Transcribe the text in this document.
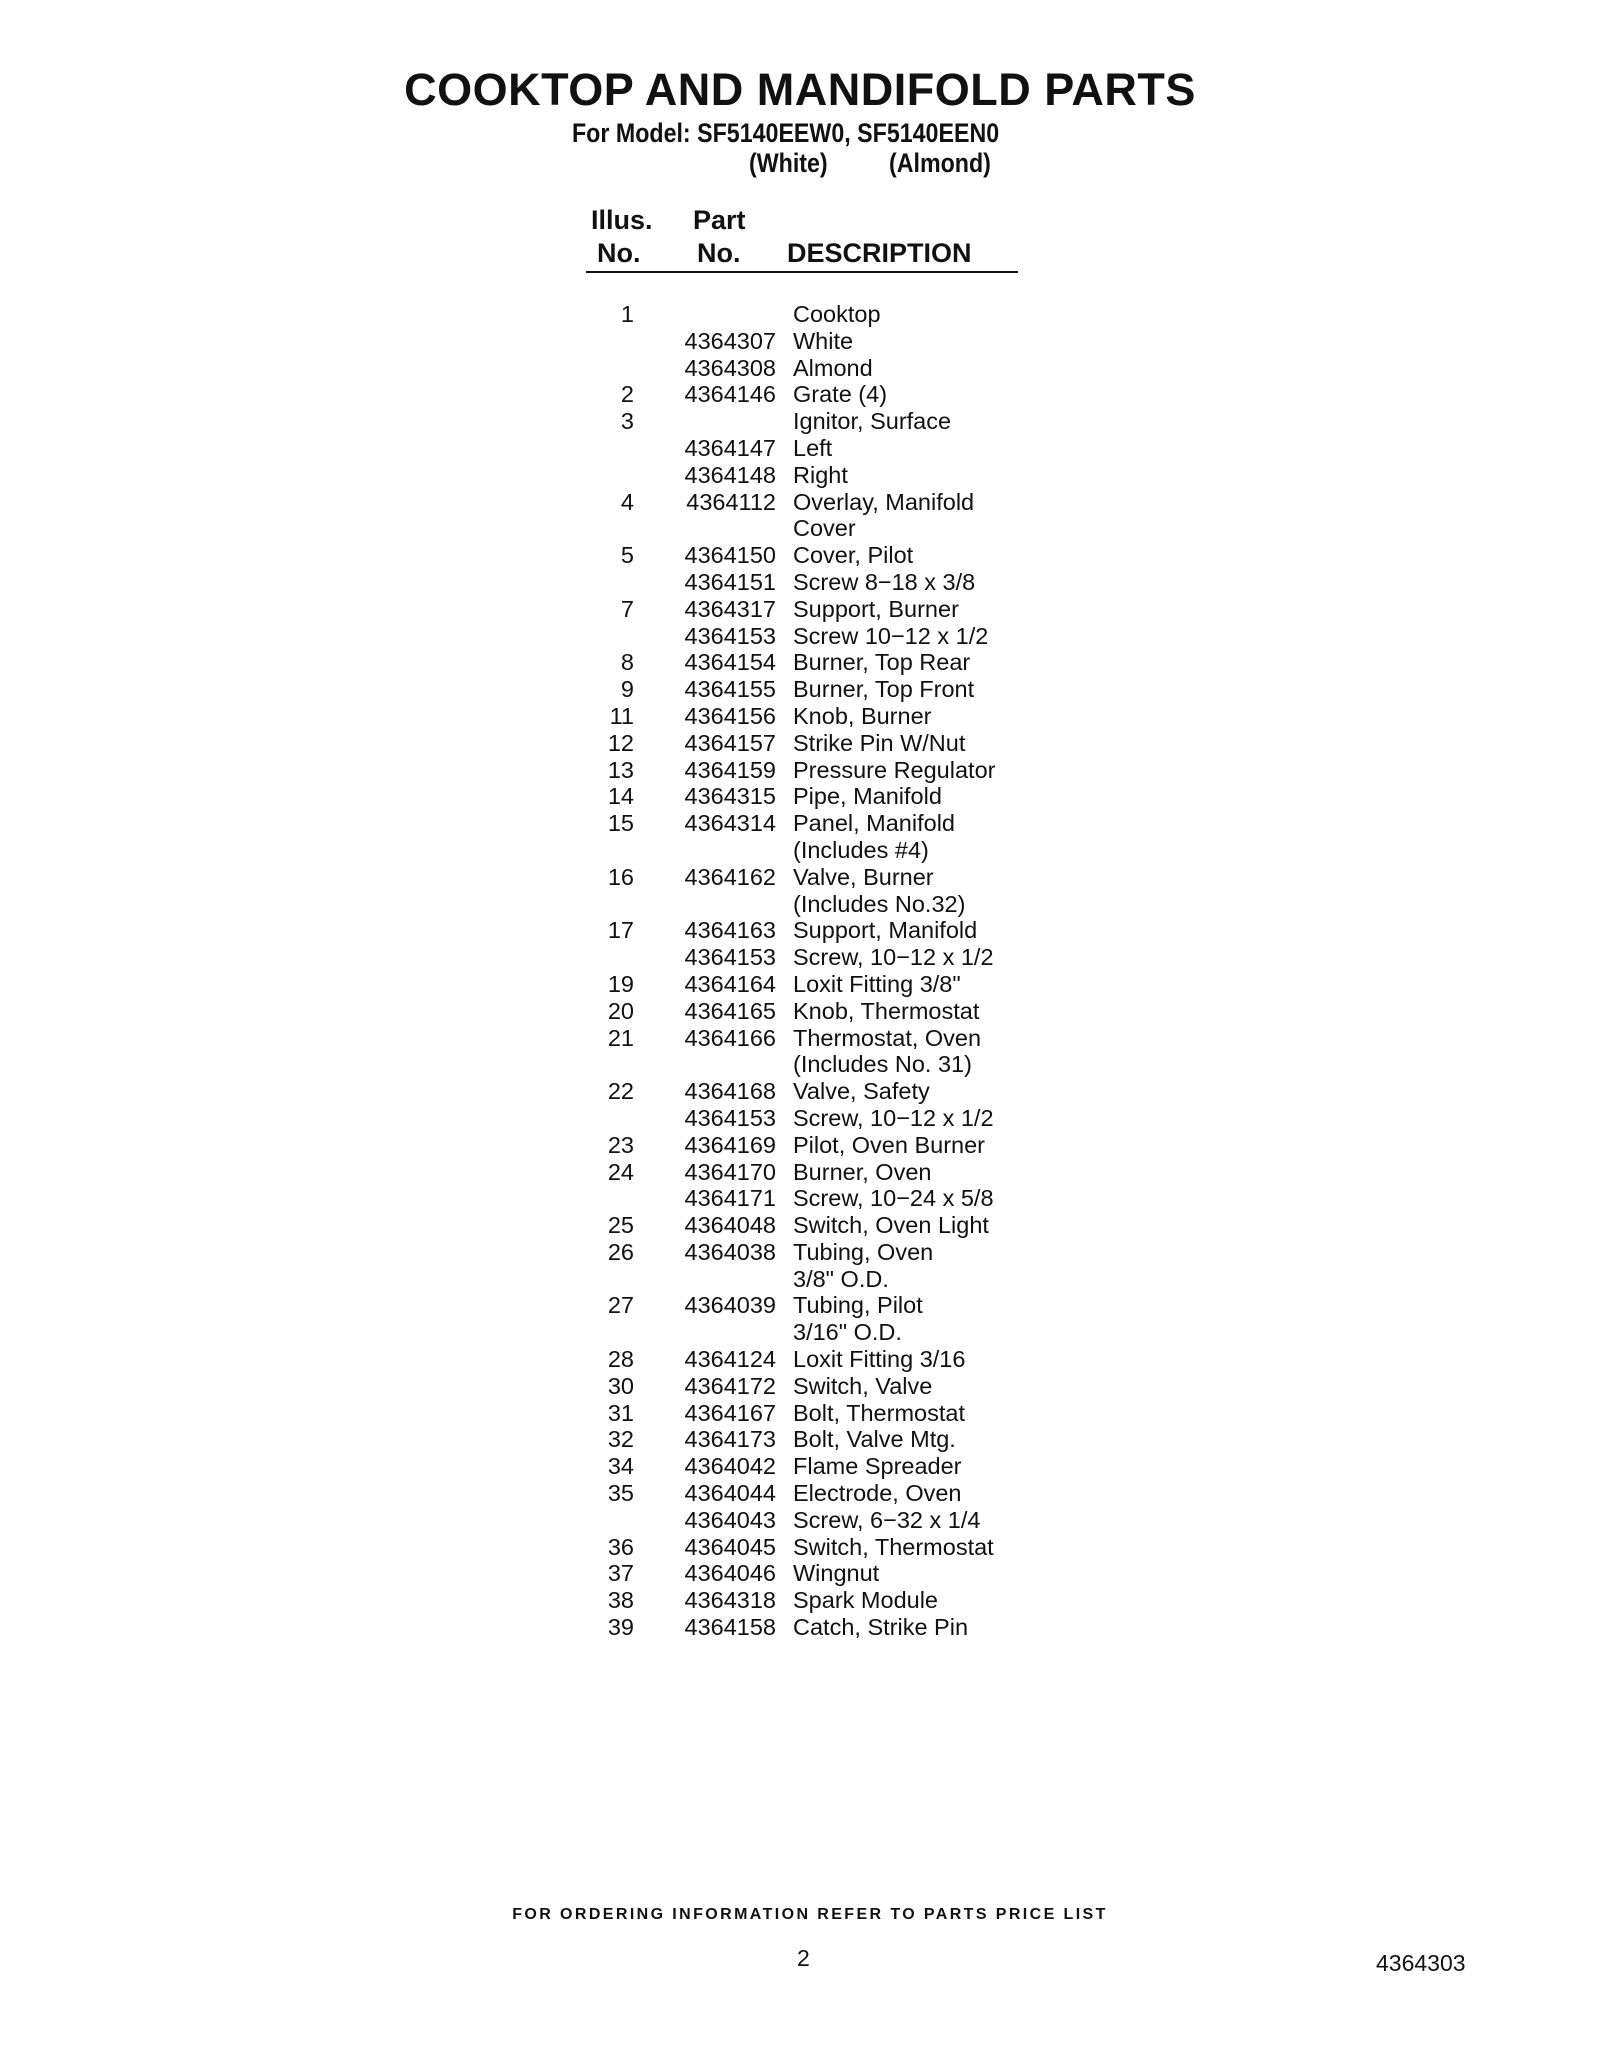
COOKTOP AND MANDIFOLD PARTS
For Model: SF5140EEW0, SF5140EEN0
(White) (Almond)
Illus.
No.
Part
No. DESCRIPTION
1	Cooktop
4364307 White
4364308 Almond
2 4364146 Grate (4)
3	Ignitor, Surface
4364147 Left
4364148 Right
4 4364112 Overlay, Manifold
Cover
5 4364150 Cover, Pilot
4364151 Screw 8−18 x 3/8
7 4364317 Support, Burner
4364153 Screw 10−12 x 1/2
8 4364154 Burner, Top Rear
9 4364155 Burner, Top Front
11 4364156 Knob, Burner
12 4364157 Strike Pin W/Nut
13 4364159 Pressure Regulator
14 4364315 Pipe, Manifold
15 4364314 Panel, Manifold
(Includes #4)
16 4364162 Valve, Burner
(Includes No.32)
17 4364163 Support, Manifold
4364153 Screw, 10−12 x 1/2
19 4364164 Loxit Fitting 3/8"
20 4364165 Knob, Thermostat
21 4364166 Thermostat, Oven
(Includes No. 31)
22 4364168 Valve, Safety
4364153 Screw, 10−12 x 1/2
23 4364169 Pilot, Oven Burner
24 4364170 Burner, Oven
4364171 Screw, 10−24 x 5/8
25 4364048 Switch, Oven Light
26 4364038 Tubing, Oven
3/8" O.D.
27 4364039 Tubing, Pilot
3/16" O.D.
28 4364124 Loxit Fitting 3/16
30 4364172 Switch, Valve
31 4364167 Bolt, Thermostat
32 4364173 Bolt, Valve Mtg.
34 4364042 Flame Spreader
35 4364044 Electrode, Oven
4364043 Screw, 6−32 x 1/4
36 4364045 Switch, Thermostat
37 4364046 Wingnut
38 4364318 Spark Module
39 4364158 Catch, Strike Pin
FOR ORDERING INFORMATION REFER TO PARTS PRICE LIST
2	4364303
